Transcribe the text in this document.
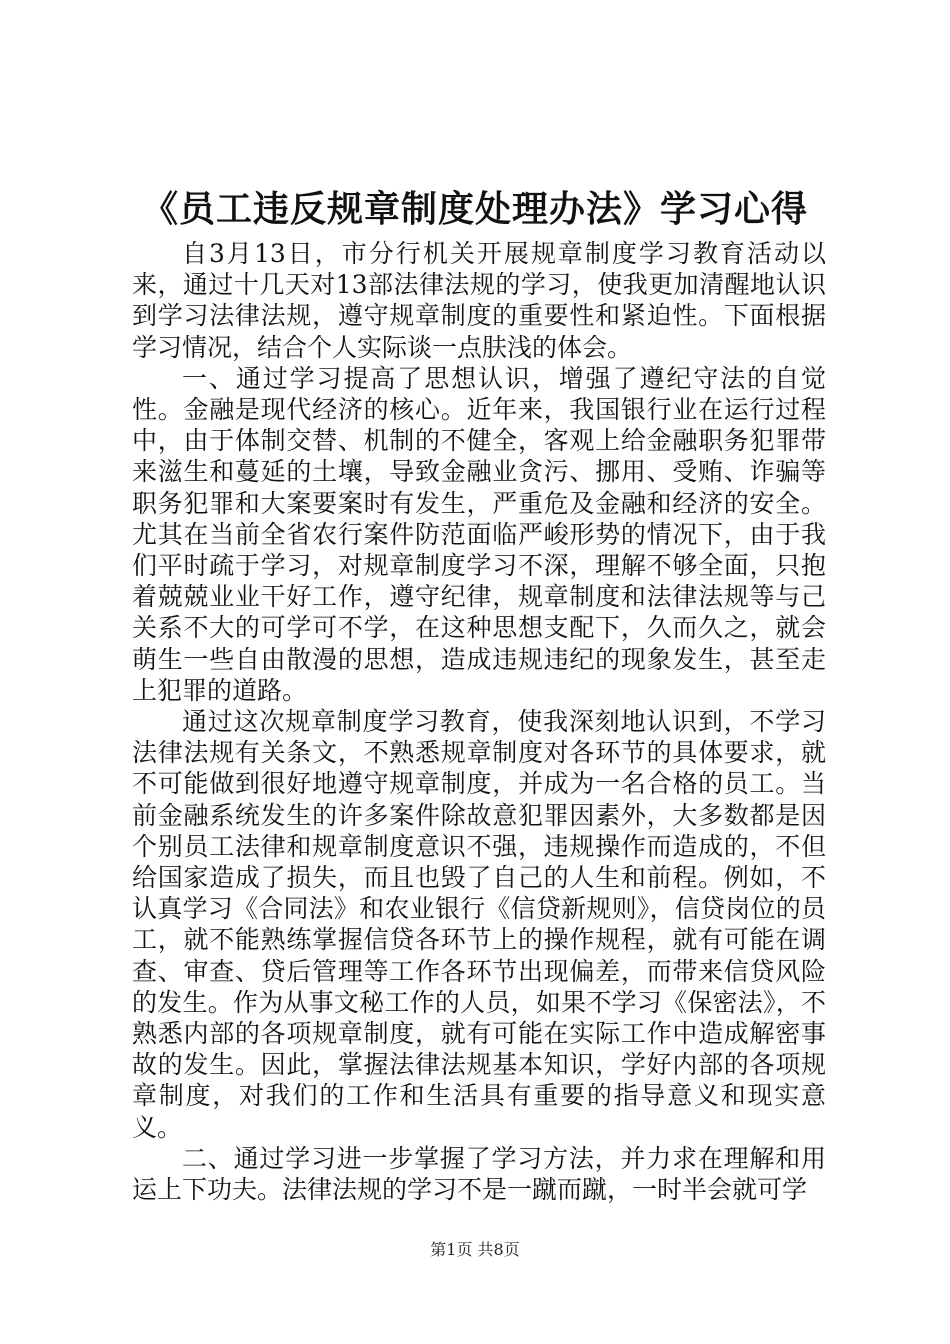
《员工违反规章制度处理办法》学习心得

自3月13日，市分行机关开展规章制度学习教育活动以来，通过十几天对13部法律法规的学习，使我更加清醒地认识到学习法律法规，遵守规章制度的重要性和紧迫性。下面根据学习情况，结合个人实际谈一点肤浅的体会。

一、通过学习提高了思想认识，增强了遵纪守法的自觉性。金融是现代经济的核心。近年来，我国银行业在运行过程中，由于体制交替、机制的不健全，客观上给金融职务犯罪带来滋生和蔓延的土壤，导致金融业贪污、挪用、受贿、诈骗等职务犯罪和大案要案时有发生，严重危及金融和经济的安全。尤其在当前全省农行案件防范面临严峻形势的情况下，由于我们平时疏于学习，对规章制度学习不深，理解不够全面，只抱着兢兢业业干好工作，遵守纪律，规章制度和法律法规等与己关系不大的可学可不学，在这种思想支配下，久而久之，就会萌生一些自由散漫的思想，造成违规违纪的现象发生，甚至走上犯罪的道路。

通过这次规章制度学习教育，使我深刻地认识到，不学习法律法规有关条文，不熟悉规章制度对各环节的具体要求，就不可能做到很好地遵守规章制度，并成为一名合格的员工。当前金融系统发生的许多案件除故意犯罪因素外，大多数都是因个别员工法律和规章制度意识不强，违规操作而造成的，不但给国家造成了损失，而且也毁了自己的人生和前程。例如，不认真学习《合同法》和农业银行《信贷新规则》，信贷岗位的员工，就不能熟练掌握信贷各环节上的操作规程，就有可能在调查、审查、贷后管理等工作各环节出现偏差，而带来信贷风险的发生。作为从事文秘工作的人员，如果不学习《保密法》，不熟悉内部的各项规章制度，就有可能在实际工作中造成解密事故的发生。因此，掌握法律法规基本知识，学好内部的各项规章制度，对我们的工作和生活具有重要的指导意义和现实意义。

二、通过学习进一步掌握了学习方法，并力求在理解和用运上下功夫。法律法规的学习不是一蹴而蹴，一时半会就可学

第1页 共8页
